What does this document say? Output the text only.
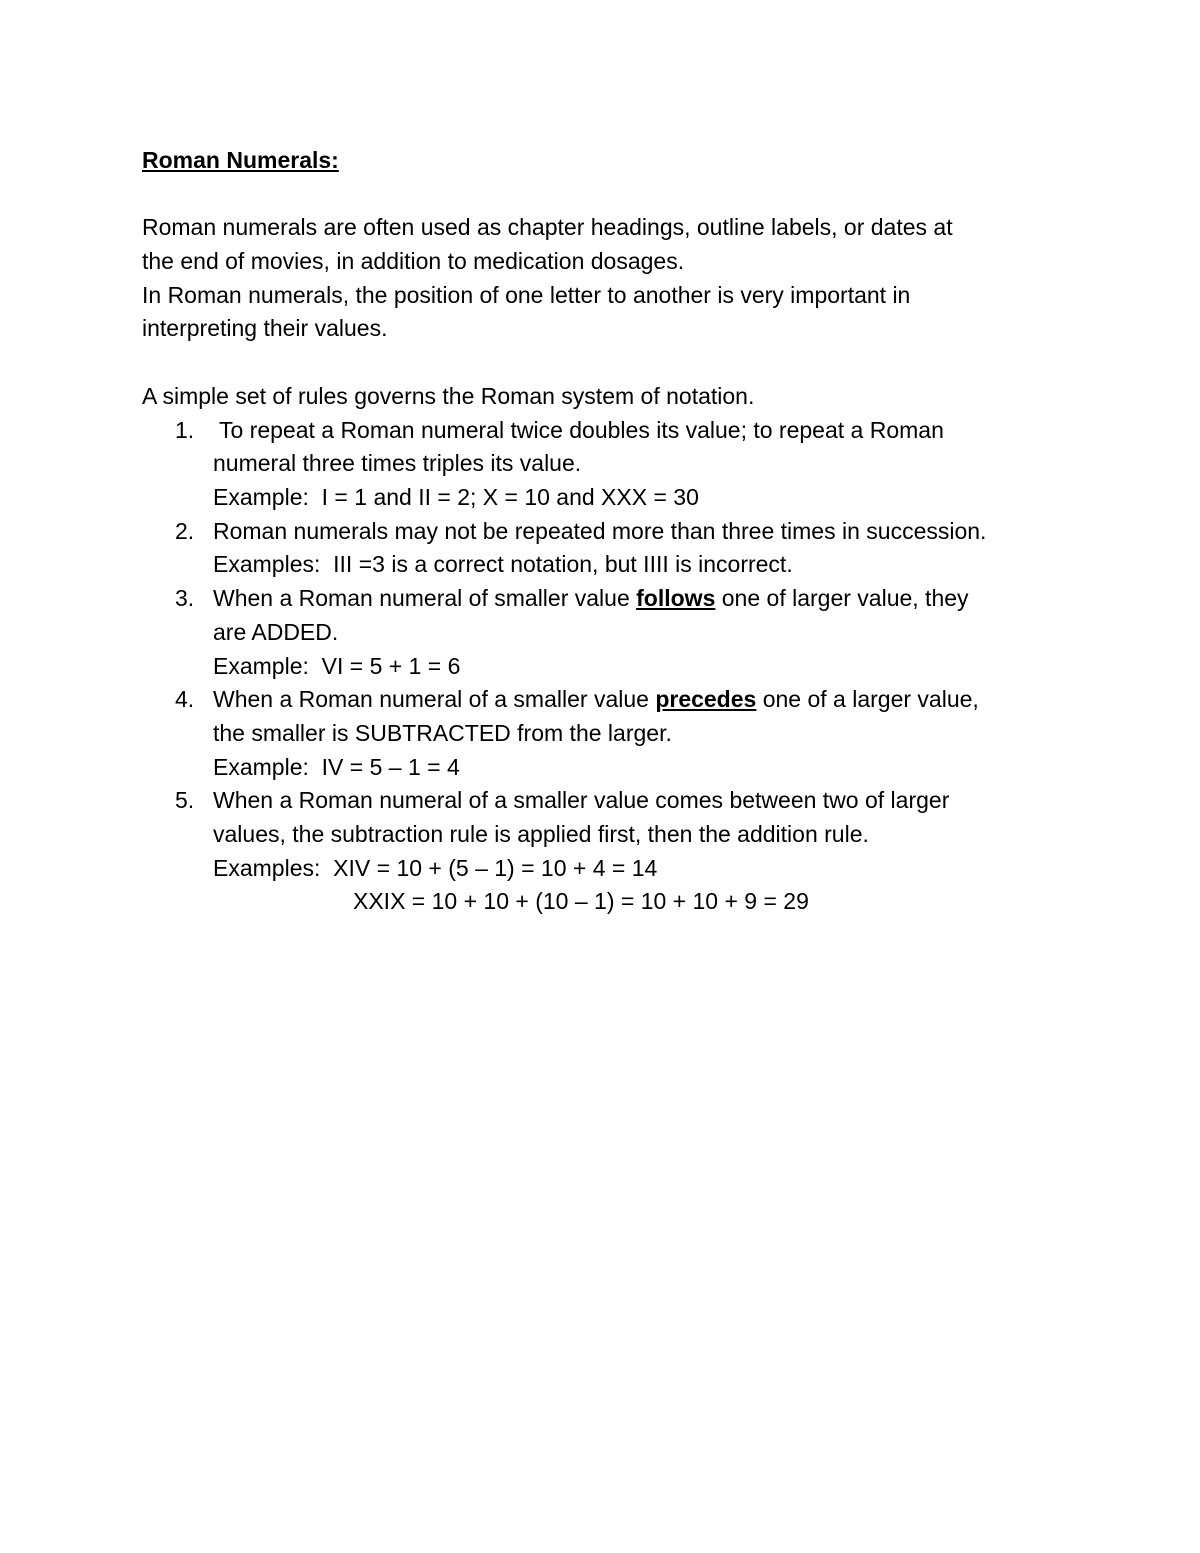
Roman Numerals:

Roman numerals are often used as chapter headings, outline labels, or dates at
the end of movies, in addition to medication dosages.
In Roman numerals, the position of one letter to another is very important in
interpreting their values.

A simple set of rules governs the Roman system of notation.

1. To repeat a Roman numeral twice doubles its value; to repeat a Roman
numeral three times triples its value.
Example:  I = 1 and II = 2; X = 10 and XXX = 30
2. Roman numerals may not be repeated more than three times in succession.
Examples:  III =3 is a correct notation, but IIII is incorrect.
3. When a Roman numeral of smaller value follows one of larger value, they
are ADDED.
Example:  VI = 5 + 1 = 6
4. When a Roman numeral of a smaller value precedes one of a larger value,
the smaller is SUBTRACTED from the larger.
Example:  IV = 5 – 1 = 4
5. When a Roman numeral of a smaller value comes between two of larger
values, the subtraction rule is applied first, then the addition rule.
Examples:  XIV = 10 + (5 – 1) = 10 + 4 = 14
XXIX = 10 + 10 + (10 – 1) = 10 + 10 + 9 = 29
